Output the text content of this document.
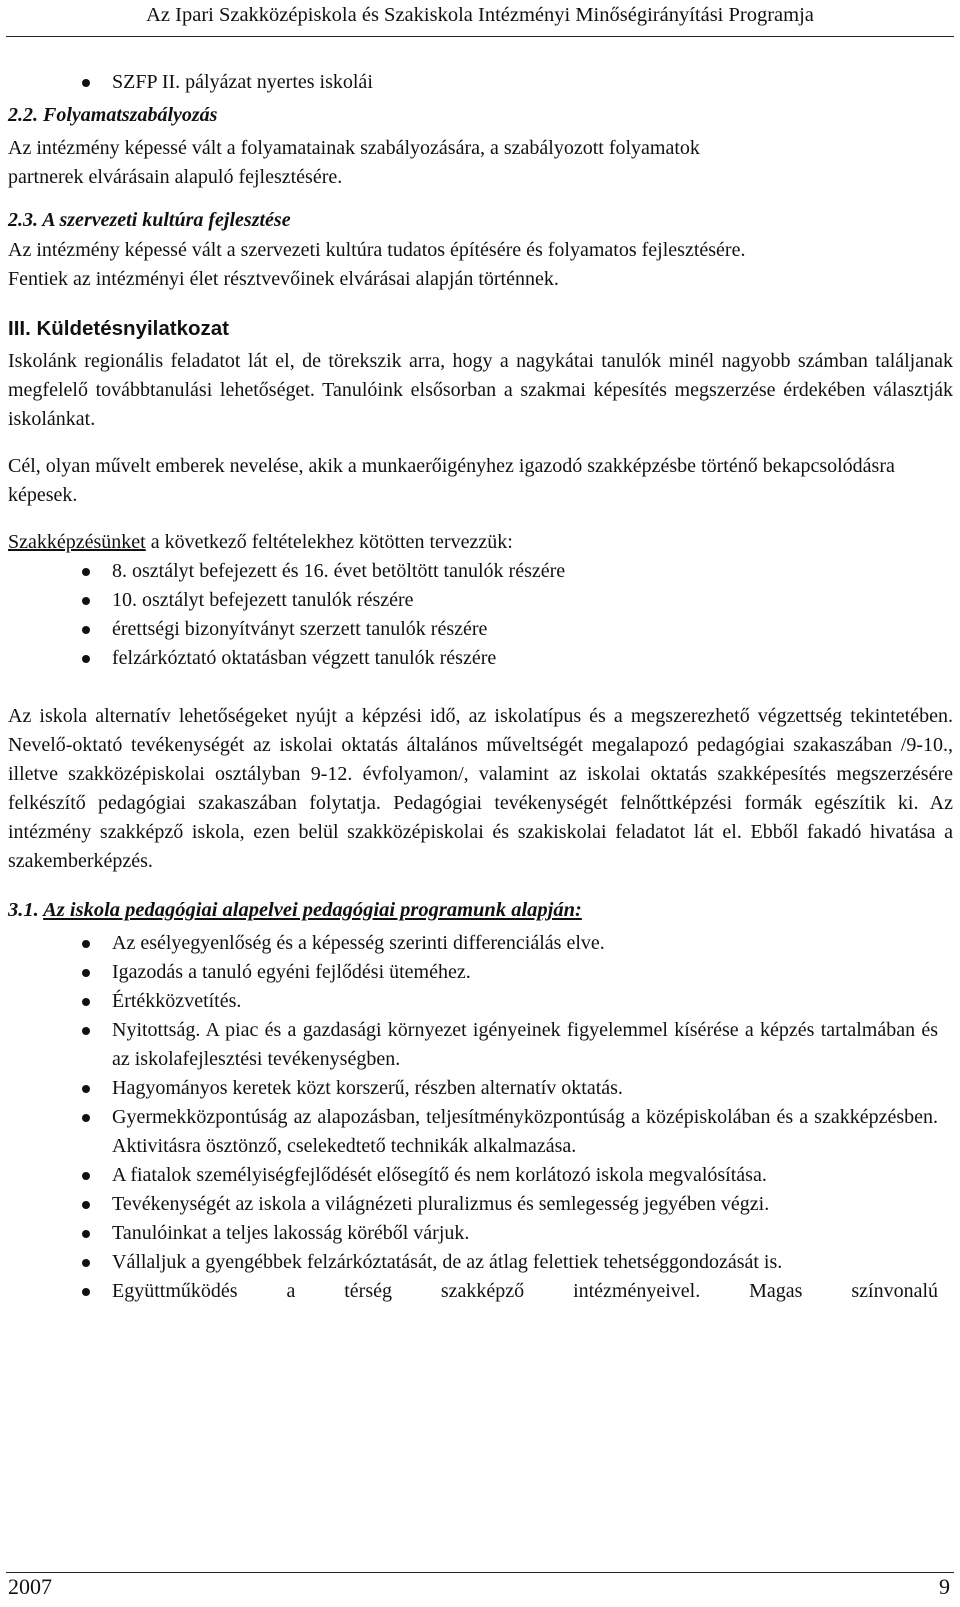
Az Ipari Szakközépiskola és Szakiskola Intézményi Minőségirányítási Programja
SZFP II. pályázat nyertes iskolái

2.2. Folyamatszabályozás

Az intézmény képessé vált a folyamatainak szabályozására, a szabályozott folyamatok

partnerek elvárásain alapuló fejlesztésére.

2.3. A szervezeti kultúra fejlesztése

Az intézmény képessé vált a szervezeti kultúra tudatos építésére és folyamatos fejlesztésére.

Fentiek az intézményi élet résztvevőinek elvárásai alapján történnek.

III. Küldetésnyilatkozat

Iskolánk regionális feladatot lát el, de törekszik arra, hogy a nagykátai tanulók minél nagyobb számban találjanak megfelelő továbbtanulási lehetőséget. Tanulóink elsősorban a szakmai képesítés megszerzése érdekében választják iskolánkat.

Cél, olyan művelt emberek nevelése, akik a munkaerőigényhez igazodó szakképzésbe történő bekapcsolódásra képesek.

Szakképzésünket a következő feltételekhez kötötten tervezzük:

8. osztályt befejezett és 16. évet betöltött tanulók részére
10. osztályt befejezett tanulók részére
érettségi bizonyítványt szerzett tanulók részére
felzárkóztató oktatásban végzett tanulók részére

Az iskola alternatív lehetőségeket nyújt a képzési idő, az iskolatípus és a megszerezhető végzettség tekintetében. Nevelő-oktató tevékenységét az iskolai oktatás általános műveltségét megalapozó pedagógiai szakaszában /9-10., illetve szakközépiskolai osztályban 9-12. évfolyamon/, valamint az iskolai oktatás szakképesítés megszerzésére felkészítő pedagógiai szakaszában folytatja. Pedagógiai tevékenységét felnőttképzési formák egészítik ki. Az intézmény szakképző iskola, ezen belül szakközépiskolai és szakiskolai feladatot lát el. Ebből fakadó hivatása a szakemberképzés.

3.1. Az iskola pedagógiai alapelvei pedagógiai programunk alapján:

Az esélyegyenlőség és a képesség szerinti differenciálás elve.
Igazodás a tanuló egyéni fejlődési üteméhez.
Értékközvetítés.
Nyitottság. A piac és a gazdasági környezet igényeinek figyelemmel kísérése a képzés tartalmában és az iskolafejlesztési tevékenységben.
Hagyományos keretek közt korszerű, részben alternatív oktatás.
Gyermekközpontúság az alapozásban, teljesítményközpontúság a középiskolában és a szakképzésben. Aktivitásra ösztönző, cselekedtető technikák alkalmazása.
A fiatalok személyiségfejlődését elősegítő és nem korlátozó iskola megvalósítása.
Tevékenységét az iskola a világnézeti pluralizmus és semlegesség jegyében végzi.
Tanulóinkat a teljes lakosság köréből várjuk.
Vállaljuk a gyengébbek felzárkóztatását, de az átlag felettiek tehetséggondozását is.
Együttműködés a térség szakképző intézményeivel. Magas színvonalú
2007	9
